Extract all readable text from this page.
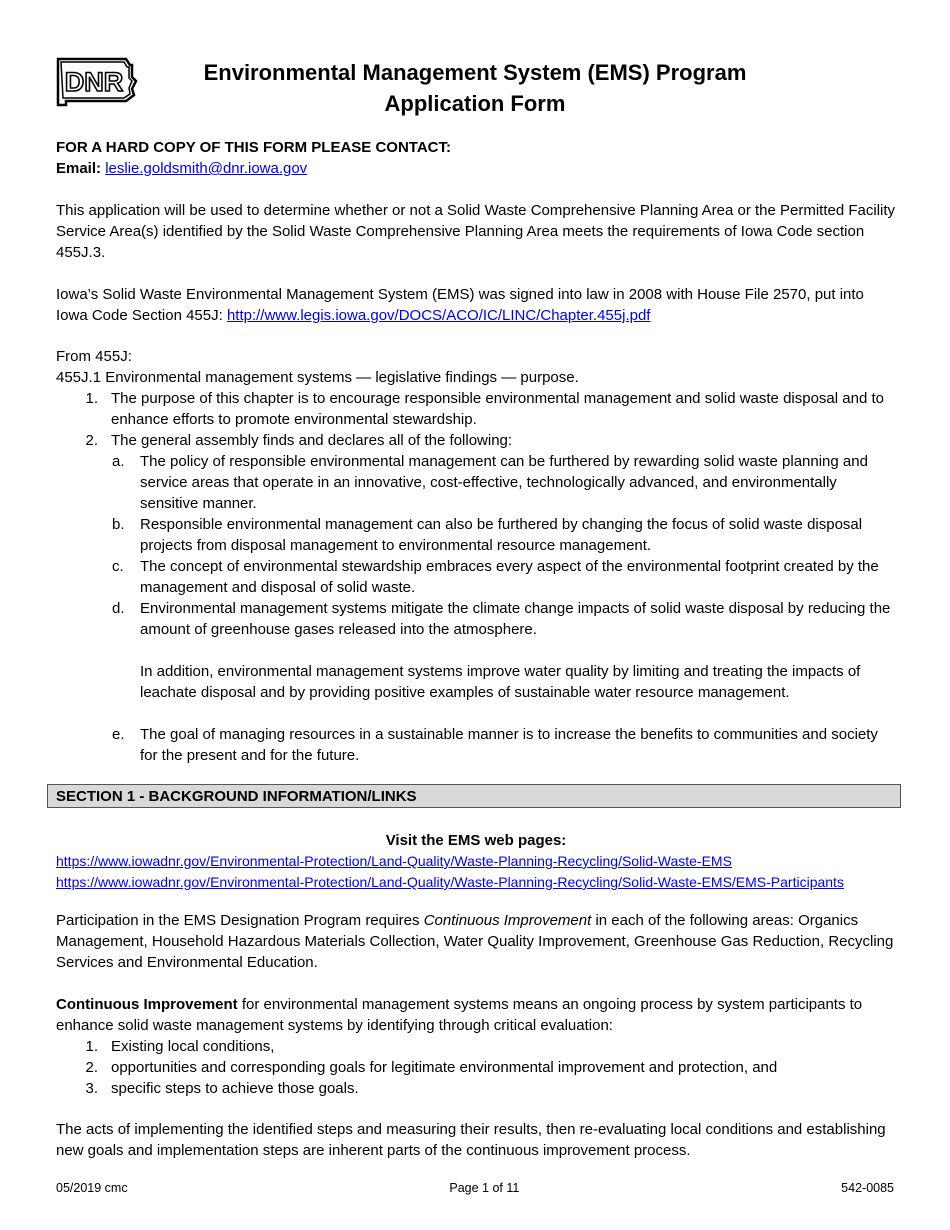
DNR	Environmental Management System (EMS) Program
Application Form

FOR A HARD COPY OF THIS FORM PLEASE CONTACT:

Email: leslie.goldsmith@dnr.iowa.gov

This application will be used to determine whether or not a Solid Waste Comprehensive Planning Area or the Permitted Facility Service Area(s) identified by the Solid Waste Comprehensive Planning Area meets the requirements of Iowa Code section 455J.3.

Iowa’s Solid Waste Environmental Management System (EMS) was signed into law in 2008 with House File 2570, put into Iowa Code Section 455J: http://www.legis.iowa.gov/DOCS/ACO/IC/LINC/Chapter.455j.pdf

From 455J:

455J.1 Environmental management systems — legislative findings — purpose.

1. The purpose of this chapter is to encourage responsible environmental management and solid waste disposal and to enhance efforts to promote environmental stewardship.
2. The general assembly finds and declares all of the following:
a. The policy of responsible environmental management can be furthered by rewarding solid waste planning and service areas that operate in an innovative, cost-effective, technologically advanced, and environmentally sensitive manner.
b. Responsible environmental management can also be furthered by changing the focus of solid waste disposal projects from disposal management to environmental resource management.
c. The concept of environmental stewardship embraces every aspect of the environmental footprint created by the management and disposal of solid waste.
d. Environmental management systems mitigate the climate change impacts of solid waste disposal by reducing the amount of greenhouse gases released into the atmosphere.
In addition, environmental management systems improve water quality by limiting and treating the impacts of leachate disposal and by providing positive examples of sustainable water resource management.
e. The goal of managing resources in a sustainable manner is to increase the benefits to communities and society for the present and for the future.
SECTION 1 - BACKGROUND INFORMATION/LINKS

Visit the EMS web pages:

https://www.iowadnr.gov/Environmental-Protection/Land-Quality/Waste-Planning-Recycling/Solid-Waste-EMS

https://www.iowadnr.gov/Environmental-Protection/Land-Quality/Waste-Planning-Recycling/Solid-Waste-EMS/EMS-Participants

Participation in the EMS Designation Program requires Continuous Improvement in each of the following areas: Organics Management, Household Hazardous Materials Collection, Water Quality Improvement, Greenhouse Gas Reduction, Recycling Services and Environmental Education.

Continuous Improvement for environmental management systems means an ongoing process by system participants to enhance solid waste management systems by identifying through critical evaluation:

1. Existing local conditions,
2. opportunities and corresponding goals for legitimate environmental improvement and protection, and
3. specific steps to achieve those goals.

The acts of implementing the identified steps and measuring their results, then re-evaluating local conditions and establishing new goals and implementation steps are inherent parts of the continuous improvement process.

05/2019 cmc	Page 1 of 11	542-0085
